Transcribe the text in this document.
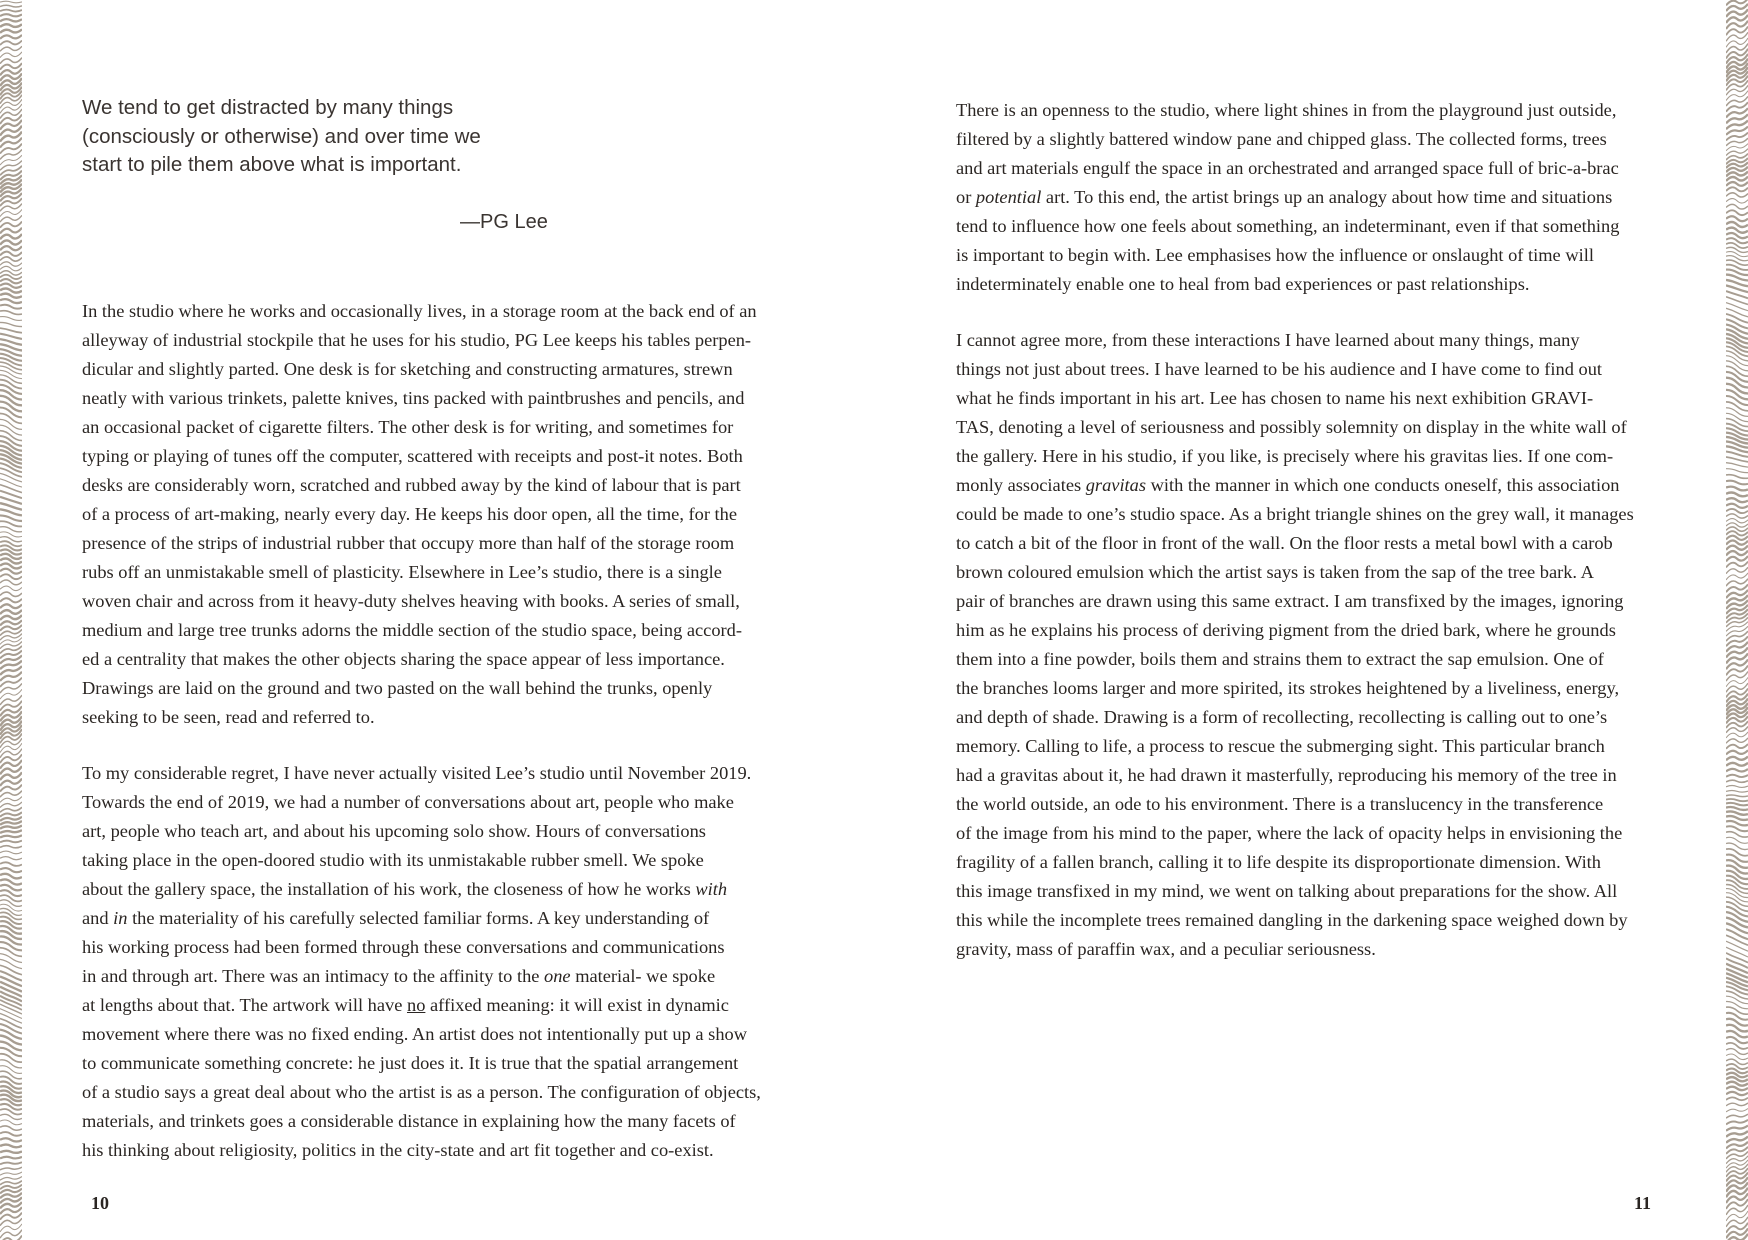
We tend to get distracted by many things
(consciously or otherwise) and over time we
start to pile them above what is important.
—PG Lee
In the studio where he works and occasionally lives, in a storage room at the back end of an
alleyway of industrial stockpile that he uses for his studio, PG Lee keeps his tables perpen-
dicular and slightly parted. One desk is for sketching and constructing armatures, strewn
neatly with various trinkets, palette knives, tins packed with paintbrushes and pencils, and
an occasional packet of cigarette filters. The other desk is for writing, and sometimes for
typing or playing of tunes off the computer, scattered with receipts and post-it notes. Both
desks are considerably worn, scratched and rubbed away by the kind of labour that is part
of a process of art-making, nearly every day. He keeps his door open, all the time, for the
presence of the strips of industrial rubber that occupy more than half of the storage room
rubs off an unmistakable smell of plasticity. Elsewhere in Lee’s studio, there is a single
woven chair and across from it heavy-duty shelves heaving with books. A series of small,
medium and large tree trunks adorns the middle section of the studio space, being accord-
ed a centrality that makes the other objects sharing the space appear of less importance.
Drawings are laid on the ground and two pasted on the wall behind the trunks, openly
seeking to be seen, read and referred to.
To my considerable regret, I have never actually visited Lee’s studio until November 2019.
Towards the end of 2019, we had a number of conversations about art, people who make
art, people who teach art, and about his upcoming solo show. Hours of conversations
taking place in the open-doored studio with its unmistakable rubber smell. We spoke
about the gallery space, the installation of his work, the closeness of how he works with
and in the materiality of his carefully selected familiar forms. A key understanding of
his working process had been formed through these conversations and communications
in and through art. There was an intimacy to the affinity to the one material- we spoke
at lengths about that. The artwork will have no affixed meaning: it will exist in dynamic
movement where there was no fixed ending. An artist does not intentionally put up a show
to communicate something concrete: he just does it. It is true that the spatial arrangement
of a studio says a great deal about who the artist is as a person. The configuration of objects,
materials, and trinkets goes a considerable distance in explaining how the many facets of
his thinking about religiosity, politics in the city-state and art fit together and co-exist.
There is an openness to the studio, where light shines in from the playground just outside,
filtered by a slightly battered window pane and chipped glass. The collected forms, trees
and art materials engulf the space in an orchestrated and arranged space full of bric-a-brac
or potential art. To this end, the artist brings up an analogy about how time and situations
tend to influence how one feels about something, an indeterminant, even if that something
is important to begin with. Lee emphasises how the influence or onslaught of time will
indeterminately enable one to heal from bad experiences or past relationships.
I cannot agree more, from these interactions I have learned about many things, many
things not just about trees. I have learned to be his audience and I have come to find out
what he finds important in his art. Lee has chosen to name his next exhibition GRAVI-
TAS, denoting a level of seriousness and possibly solemnity on display in the white wall of
the gallery. Here in his studio, if you like, is precisely where his gravitas lies. If one com-
monly associates gravitas with the manner in which one conducts oneself, this association
could be made to one’s studio space. As a bright triangle shines on the grey wall, it manages
to catch a bit of the floor in front of the wall. On the floor rests a metal bowl with a carob
brown coloured emulsion which the artist says is taken from the sap of the tree bark. A
pair of branches are drawn using this same extract. I am transfixed by the images, ignoring
him as he explains his process of deriving pigment from the dried bark, where he grounds
them into a fine powder, boils them and strains them to extract the sap emulsion. One of
the branches looms larger and more spirited, its strokes heightened by a liveliness, energy,
and depth of shade. Drawing is a form of recollecting, recollecting is calling out to one’s
memory. Calling to life, a process to rescue the submerging sight. This particular branch
had a gravitas about it, he had drawn it masterfully, reproducing his memory of the tree in
the world outside, an ode to his environment. There is a translucency in the transference
of the image from his mind to the paper, where the lack of opacity helps in envisioning the
fragility of a fallen branch, calling it to life despite its disproportionate dimension. With
this image transfixed in my mind, we went on talking about preparations for the show. All
this while the incomplete trees remained dangling in the darkening space weighed down by
gravity, mass of paraffin wax, and a peculiar seriousness.
10	11
